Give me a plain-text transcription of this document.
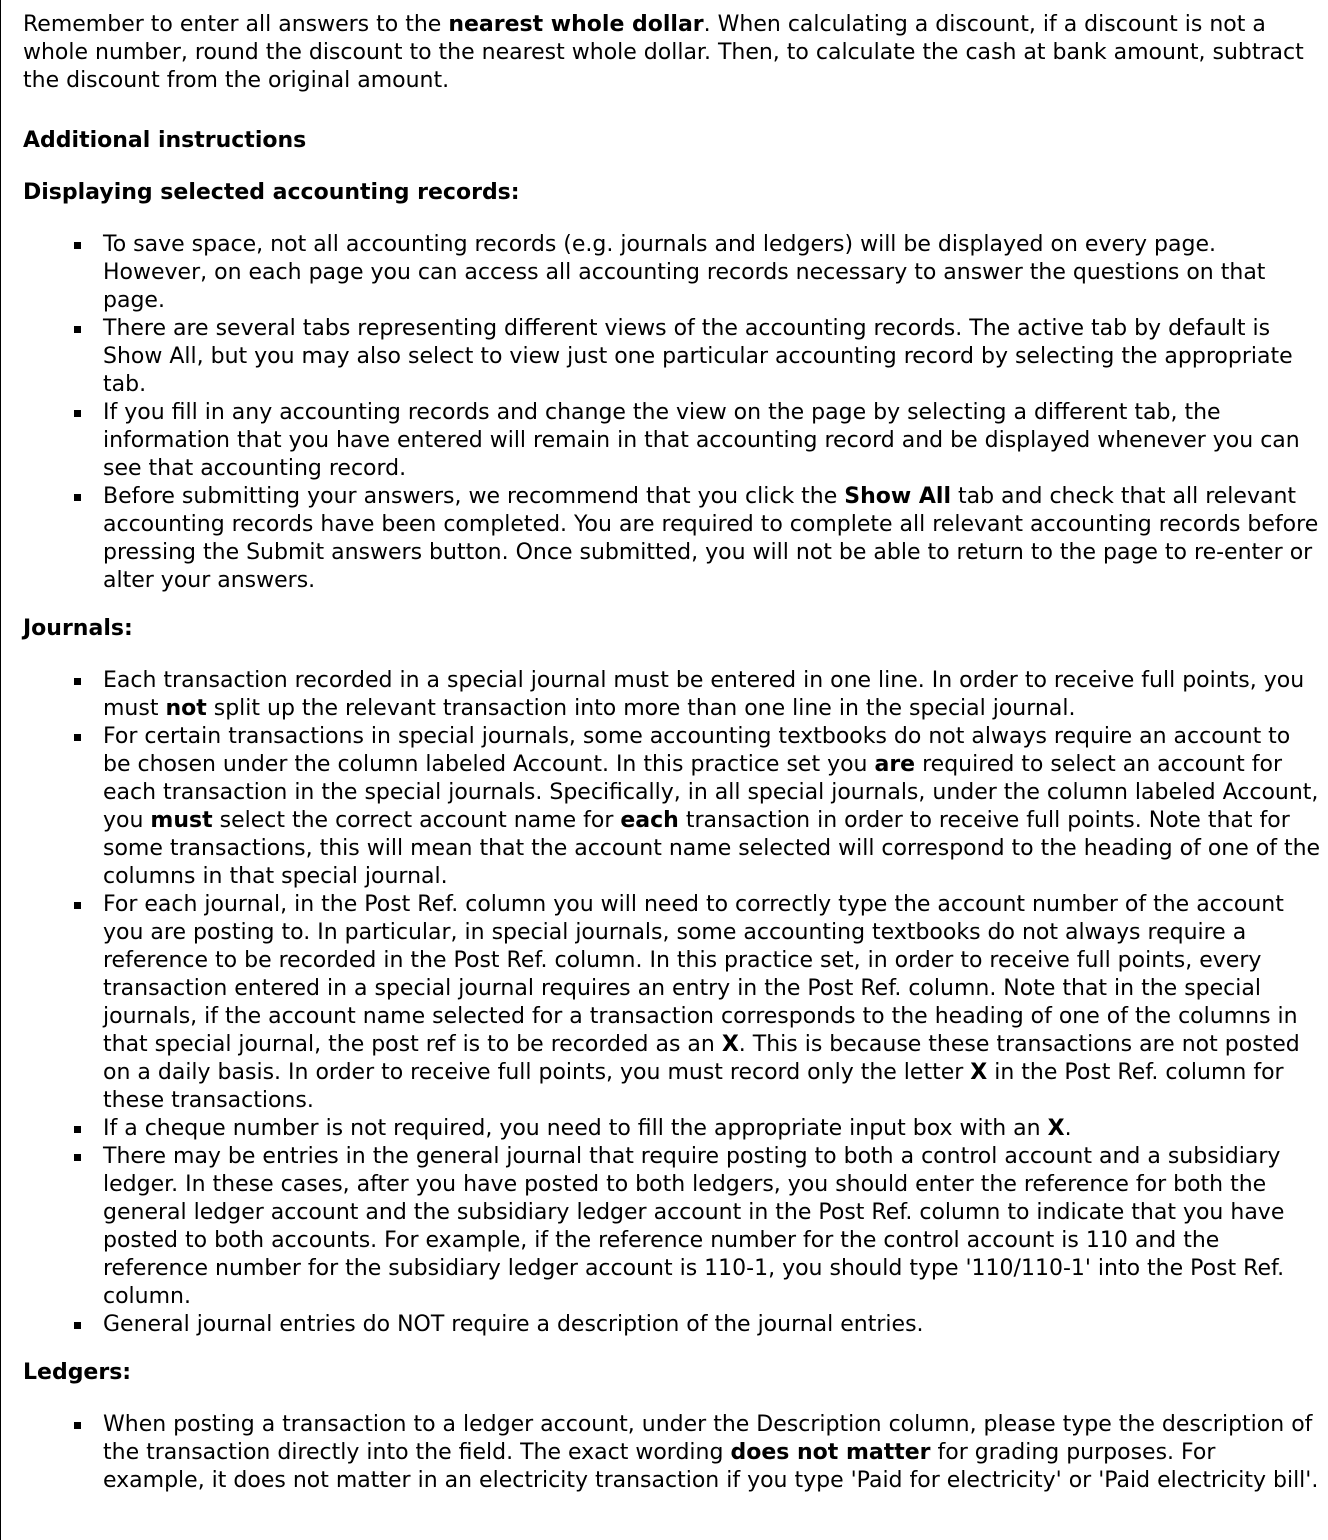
Remember to enter all answers to the nearest whole dollar. When calculating a discount, if a discount is not a whole number, round the discount to the nearest whole dollar. Then, to calculate the cash at bank amount, subtract the discount from the original amount.

Additional instructions

Displaying selected accounting records:

To save space, not all accounting records (e.g. journals and ledgers) will be displayed on every page. However, on each page you can access all accounting records necessary to answer the questions on that page.
There are several tabs representing different views of the accounting records. The active tab by default is Show All, but you may also select to view just one particular accounting record by selecting the appropriate tab.
If you fill in any accounting records and change the view on the page by selecting a different tab, the information that you have entered will remain in that accounting record and be displayed whenever you can see that accounting record.
Before submitting your answers, we recommend that you click the Show All tab and check that all relevant accounting records have been completed. You are required to complete all relevant accounting records before pressing the Submit answers button. Once submitted, you will not be able to return to the page to re-enter or alter your answers.

Journals:

Each transaction recorded in a special journal must be entered in one line. In order to receive full points, you must not split up the relevant transaction into more than one line in the special journal.
For certain transactions in special journals, some accounting textbooks do not always require an account to be chosen under the column labeled Account. In this practice set you are required to select an account for each transaction in the special journals. Specifically, in all special journals, under the column labeled Account, you must select the correct account name for each transaction in order to receive full points. Note that for some transactions, this will mean that the account name selected will correspond to the heading of one of the columns in that special journal.
For each journal, in the Post Ref. column you will need to correctly type the account number of the account you are posting to. In particular, in special journals, some accounting textbooks do not always require a reference to be recorded in the Post Ref. column. In this practice set, in order to receive full points, every transaction entered in a special journal requires an entry in the Post Ref. column. Note that in the special journals, if the account name selected for a transaction corresponds to the heading of one of the columns in that special journal, the post ref is to be recorded as an X. This is because these transactions are not posted on a daily basis. In order to receive full points, you must record only the letter X in the Post Ref. column for these transactions.
If a cheque number is not required, you need to fill the appropriate input box with an X.
There may be entries in the general journal that require posting to both a control account and a subsidiary ledger. In these cases, after you have posted to both ledgers, you should enter the reference for both the general ledger account and the subsidiary ledger account in the Post Ref. column to indicate that you have posted to both accounts. For example, if the reference number for the control account is 110 and the reference number for the subsidiary ledger account is 110-1, you should type '110/110-1' into the Post Ref. column.
General journal entries do NOT require a description of the journal entries.

Ledgers:

When posting a transaction to a ledger account, under the Description column, please type the description of the transaction directly into the field. The exact wording does not matter for grading purposes. For example, it does not matter in an electricity transaction if you type 'Paid for electricity' or 'Paid electricity bill'.
